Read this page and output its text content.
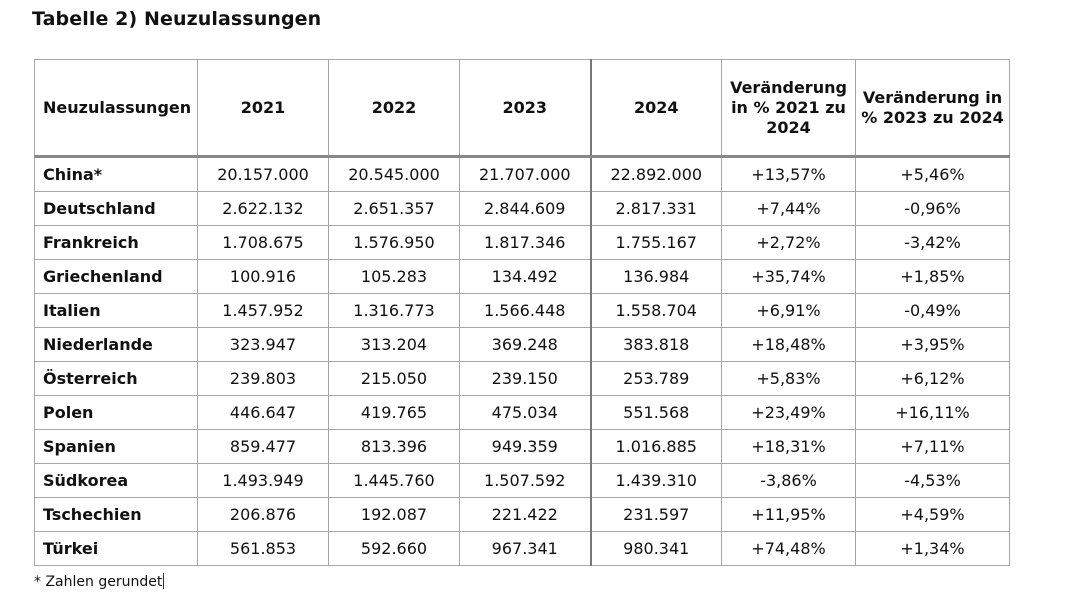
Tabelle 2) Neuzulassungen
Neuzulassungen	2021	2022	2023	2024	Veränderung in % 2021 zu 2024	Veränderung in % 2023 zu 2024
China*	20.157.000	20.545.000	21.707.000	22.892.000	+13,57%	+5,46%
Deutschland	2.622.132	2.651.357	2.844.609	2.817.331	+7,44%	-0,96%
Frankreich	1.708.675	1.576.950	1.817.346	1.755.167	+2,72%	-3,42%
Griechenland	100.916	105.283	134.492	136.984	+35,74%	+1,85%
Italien	1.457.952	1.316.773	1.566.448	1.558.704	+6,91%	-0,49%
Niederlande	323.947	313.204	369.248	383.818	+18,48%	+3,95%
Österreich	239.803	215.050	239.150	253.789	+5,83%	+6,12%
Polen	446.647	419.765	475.034	551.568	+23,49%	+16,11%
Spanien	859.477	813.396	949.359	1.016.885	+18,31%	+7,11%
Südkorea	1.493.949	1.445.760	1.507.592	1.439.310	-3,86%	-4,53%
Tschechien	206.876	192.087	221.422	231.597	+11,95%	+4,59%
Türkei	561.853	592.660	967.341	980.341	+74,48%	+1,34%
* Zahlen gerundet
